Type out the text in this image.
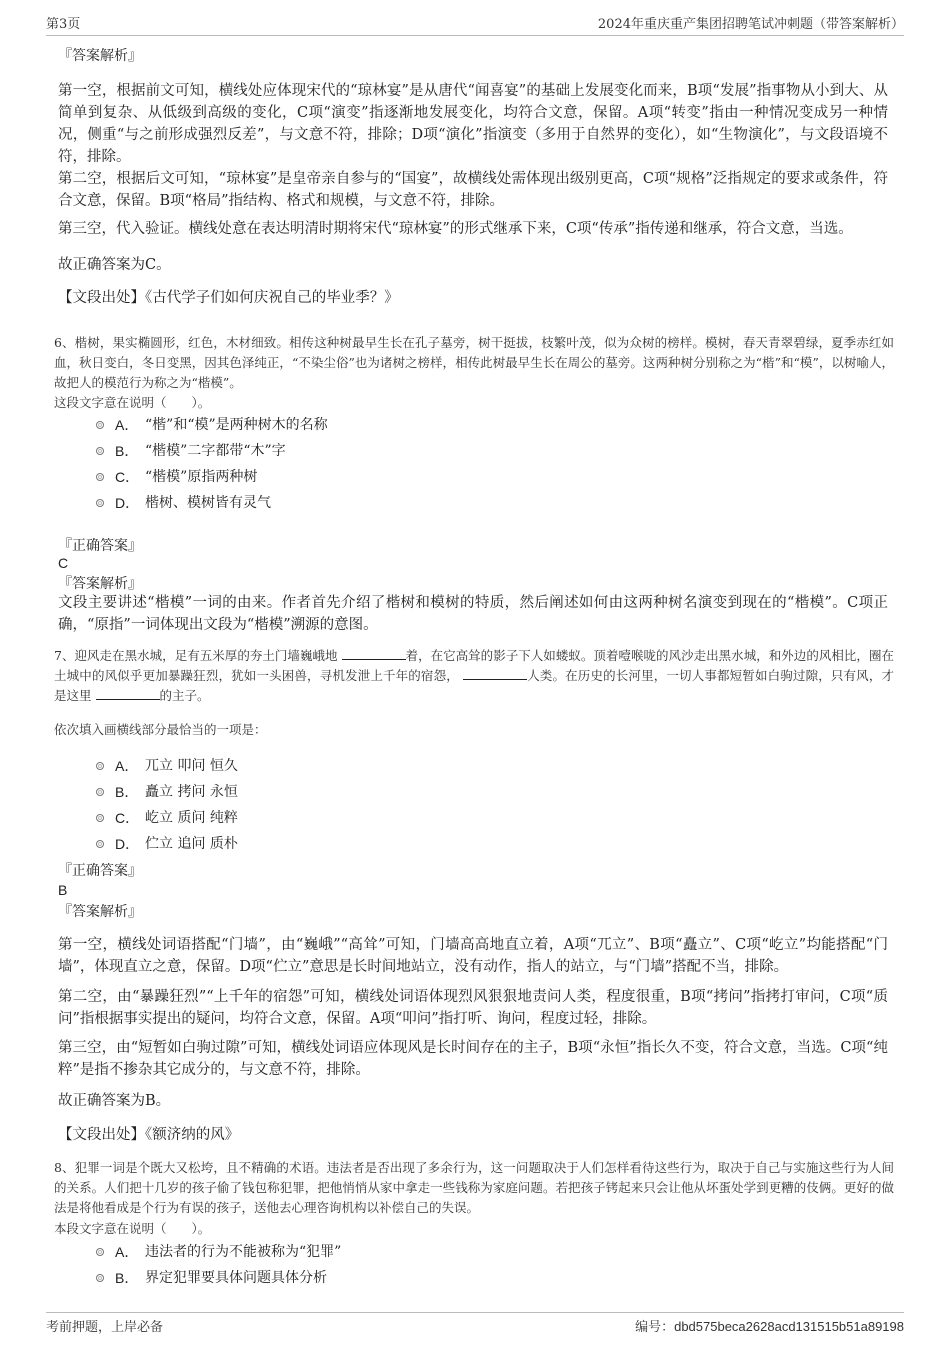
第3页	2024年重庆重产集团招聘笔试冲刺题（带答案解析）
『答案解析』

第一空，根据前文可知，横线处应体现宋代的“琼林宴”是从唐代“闻喜宴”的基础上发展变化而来，B项“发展”指事物从小到大、从简单到复杂、从低级到高级的变化，C项“演变”指逐渐地发展变化，均符合文意，保留。A项“转变”指由一种情况变成另一种情况，侧重“与之前形成强烈反差”，与文意不符，排除；D项“演化”指演变（多用于自然界的变化），如“生物演化”，与文段语境不符，排除。

第二空，根据后文可知，“琼林宴”是皇帝亲自参与的“国宴”，故横线处需体现出级别更高，C项“规格”泛指规定的要求或条件，符合文意，保留。B项“格局”指结构、格式和规模，与文意不符，排除。

第三空，代入验证。横线处意在表达明清时期将宋代“琼林宴”的形式继承下来，C项“传承”指传递和继承，符合文意，当选。
故正确答案为C。
【文段出处】《古代学子们如何庆祝自己的毕业季？》

6、楷树，果实椭圆形，红色，木材细致。相传这种树最早生长在孔子墓旁，树干挺拔，枝繁叶茂，似为众树的榜样。模树，春天青翠碧绿，夏季赤红如血，秋日变白，冬日变黑，因其色泽纯正，“不染尘俗”也为诸树之榜样，相传此树最早生长在周公的墓旁。这两种树分别称之为“楷”和“模”，以树喻人，故把人的模范行为称之为“楷模”。

这段文字意在说明（　　）。
A． “楷”和“模”是两种树木的名称
B． “楷模”二字都带“木”字
C． “楷模”原指两种树
D． 楷树、模树皆有灵气
『正确答案』
C
『答案解析』

文段主要讲述“楷模”一词的由来。作者首先介绍了楷树和模树的特质，然后阐述如何由这两种树名演变到现在的“楷模”。C项正确，“原指”一词体现出文段为“楷模”溯源的意图。

7、迎风走在黑水城，足有五米厚的夯土门墙巍峨地	着，在它高耸的影子下人如蝼蚁。顶着噎喉咙的风沙走出黑水城，和外边的风相比，圈在土城中的风似乎更加暴躁狂烈，犹如一头困兽，寻机发泄上千年的宿怨，	人类。在历史的长河里，一切人事都短暂如白驹过隙，只有风，才是这里	的主子。

依次填入画横线部分最恰当的一项是：
A． 兀立 叩问 恒久
B． 矗立 拷问 永恒
C． 屹立 质问 纯粹
D． 伫立 追问 质朴
『正确答案』
B
『答案解析』

第一空，横线处词语搭配“门墙”，由“巍峨”“高耸”可知，门墙高高地直立着，A项“兀立”、B项“矗立”、C项“屹立”均能搭配“门墙”，体现直立之意，保留。D项“伫立”意思是长时间地站立，没有动作，指人的站立，与“门墙”搭配不当，排除。

第二空，由“暴躁狂烈”“上千年的宿怨”可知，横线处词语体现烈风狠狠地责问人类，程度很重，B项“拷问”指拷打审问，C项“质问”指根据事实提出的疑问，均符合文意，保留。A项“叩问”指打听、询问，程度过轻，排除。

第三空，由“短暂如白驹过隙”可知，横线处词语应体现风是长时间存在的主子，B项“永恒”指长久不变，符合文意，当选。C项“纯粹”是指不掺杂其它成分的，与文意不符，排除。

故正确答案为B。
【文段出处】《额济纳的风》

8、犯罪一词是个既大又松垮，且不精确的术语。违法者是否出现了多余行为，这一问题取决于人们怎样看待这些行为，取决于自己与实施这些行为人间的关系。人们把十几岁的孩子偷了钱包称犯罪，把他悄悄从家中拿走一些钱称为家庭问题。若把孩子铐起来只会让他从坏蛋处学到更糟的伎俩。更好的做法是将他看成是个行为有误的孩子，送他去心理咨询机构以补偿自己的失误。

本段文字意在说明（　　）。
A． 违法者的行为不能被称为“犯罪”
B． 界定犯罪要具体问题具体分析
考前押题，上岸必备	编号：dbd575beca2628acd131515b51a89198
